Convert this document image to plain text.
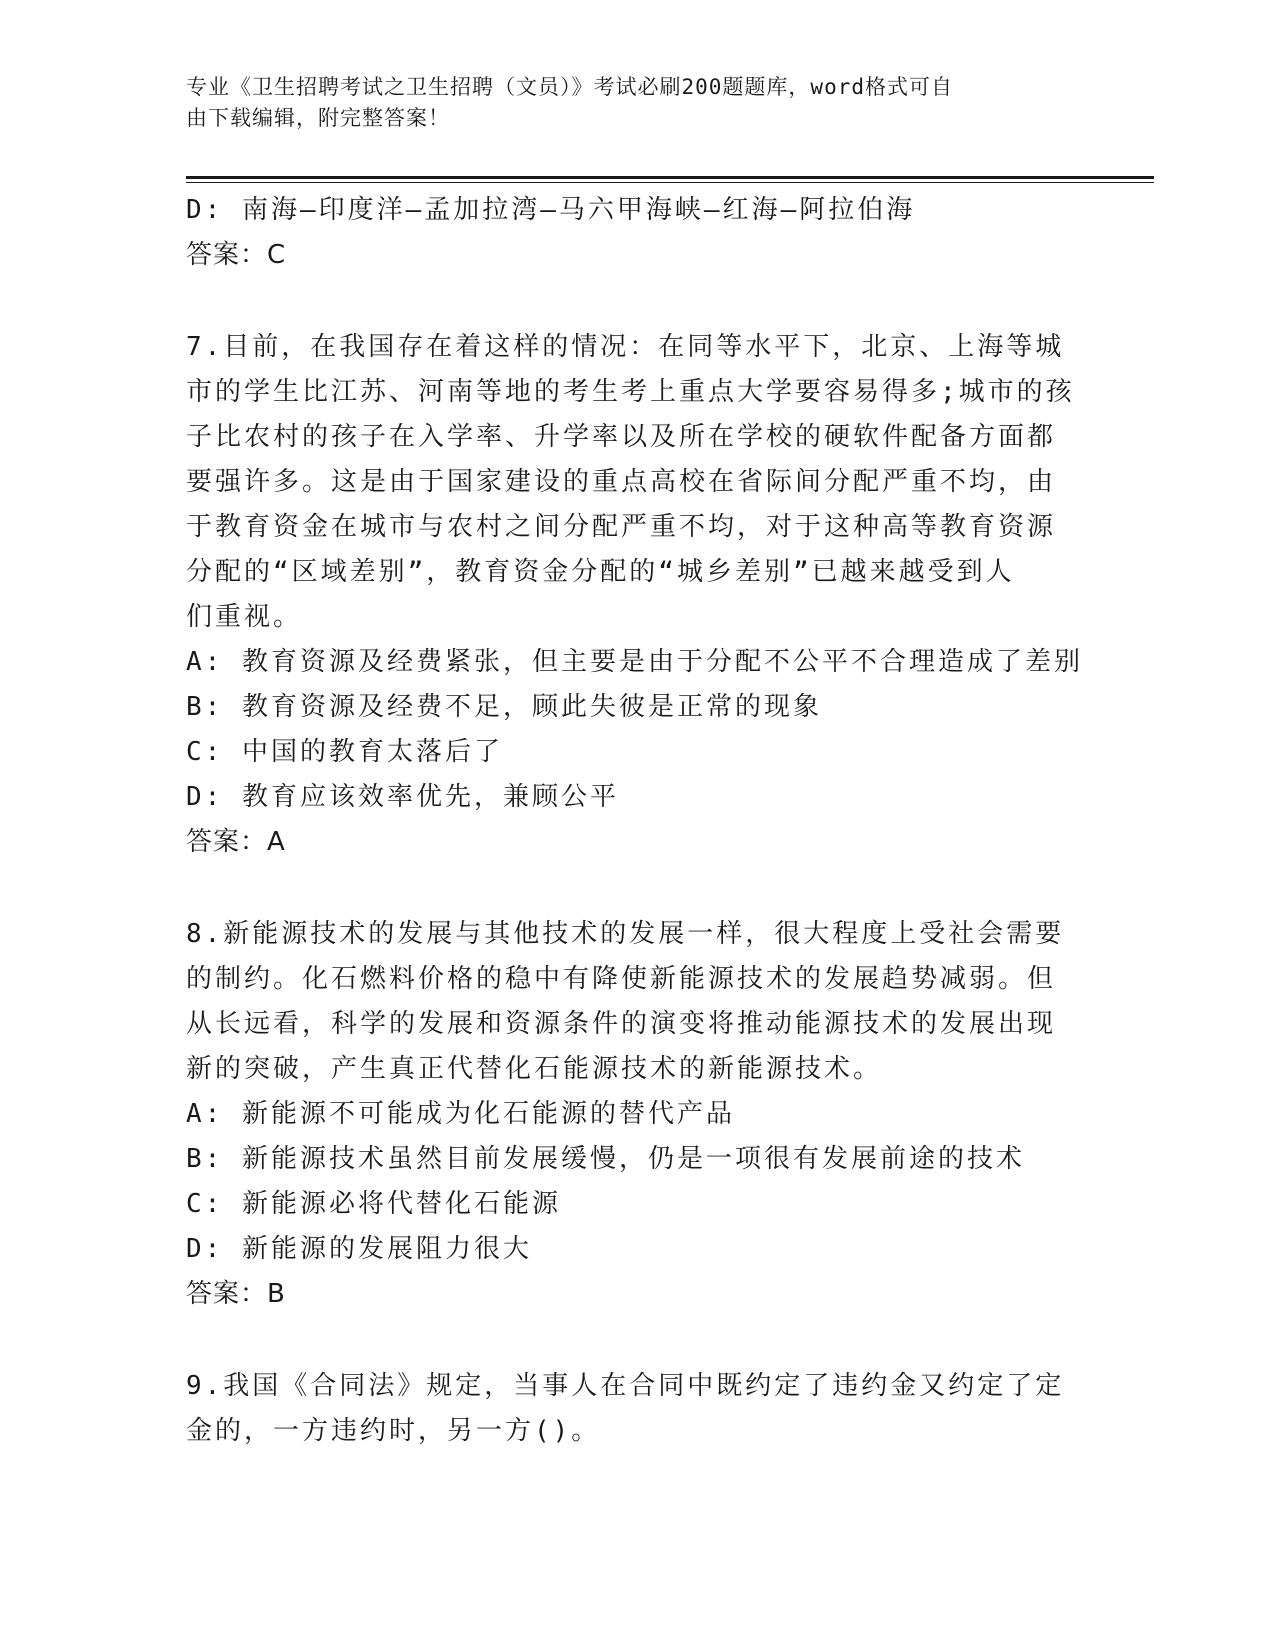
专业《卫生招聘考试之卫生招聘（文员）》考试必刷200题题库，word格式可自
由下载编辑，附完整答案！
D: 南海—印度洋—孟加拉湾—马六甲海峡—红海—阿拉伯海
答案：C
7.目前，在我国存在着这样的情况：在同等水平下，北京、上海等城
市的学生比江苏、河南等地的考生考上重点大学要容易得多;城市的孩
子比农村的孩子在入学率、升学率以及所在学校的硬软件配备方面都
要强许多。这是由于国家建设的重点高校在省际间分配严重不均，由
于教育资金在城市与农村之间分配严重不均，对于这种高等教育资源
分配的“区域差别”，教育资金分配的“城乡差别”已越来越受到人
们重视。
A: 教育资源及经费紧张，但主要是由于分配不公平不合理造成了差别
B: 教育资源及经费不足，顾此失彼是正常的现象
C: 中国的教育太落后了
D: 教育应该效率优先，兼顾公平
答案：A
8.新能源技术的发展与其他技术的发展一样，很大程度上受社会需要
的制约。化石燃料价格的稳中有降使新能源技术的发展趋势减弱。但
从长远看，科学的发展和资源条件的演变将推动能源技术的发展出现
新的突破，产生真正代替化石能源技术的新能源技术。
A: 新能源不可能成为化石能源的替代产品
B: 新能源技术虽然目前发展缓慢，仍是一项很有发展前途的技术
C: 新能源必将代替化石能源
D: 新能源的发展阻力很大
答案：B
9.我国《合同法》规定，当事人在合同中既约定了违约金又约定了定
金的，一方违约时，另一方()。
